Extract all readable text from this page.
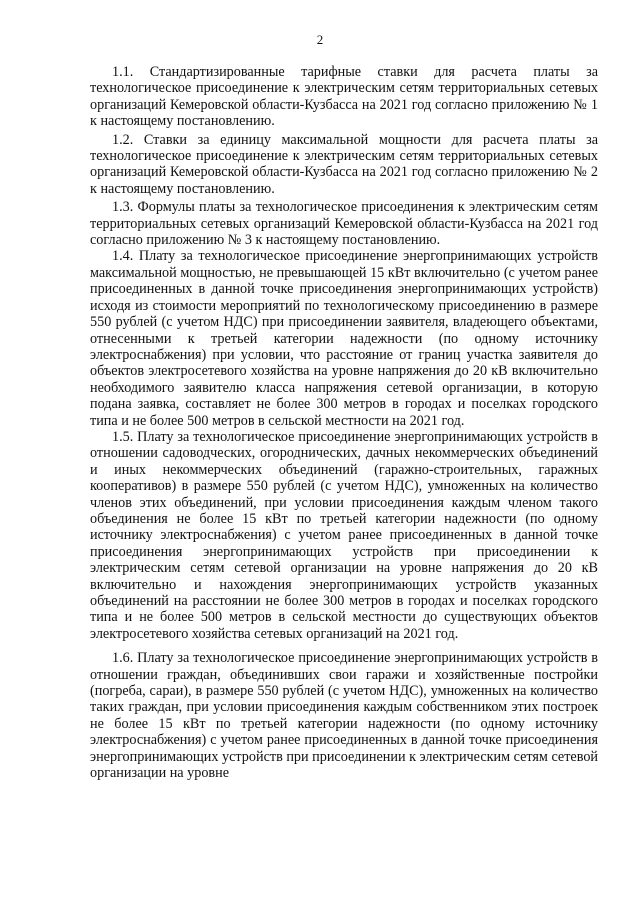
2

1.1. Стандартизированные тарифные ставки для расчета платы за технологическое присоединение к электрическим сетям территориальных сетевых организаций Кемеровской области-Кузбасса на 2021 год согласно приложению № 1 к настоящему постановлению.

1.2. Ставки за единицу максимальной мощности для расчета платы за технологическое присоединение к электрическим сетям территориальных сетевых организаций Кемеровской области-Кузбасса на 2021 год согласно приложению № 2 к настоящему постановлению.

1.3. Формулы платы за технологическое присоединения к электрическим сетям территориальных сетевых организаций Кемеровской области-Кузбасса на 2021 год согласно приложению № 3 к настоящему постановлению.

1.4. Плату за технологическое присоединение энергопринимающих устройств максимальной мощностью, не превышающей 15 кВт включительно (с учетом ранее присоединенных в данной точке присоединения энергопринимающих устройств) исходя из стоимости мероприятий по технологическому присоединению в размере 550 рублей (с учетом НДС) при присоединении заявителя, владеющего объектами, отнесенными к третьей категории надежности (по одному источнику электроснабжения) при условии, что расстояние от границ участка заявителя до объектов электросетевого хозяйства на уровне напряжения до 20 кВ включительно необходимого заявителю класса напряжения сетевой организации, в которую подана заявка, составляет не более 300 метров в городах и поселках городского типа и не более 500 метров в сельской местности на 2021 год.

1.5. Плату за технологическое присоединение энергопринимающих устройств в отношении садоводческих, огороднических, дачных некоммерческих объединений и иных некоммерческих объединений (гаражно-строительных, гаражных кооперативов) в размере 550 рублей (с учетом НДС), умноженных на количество членов этих объединений, при условии присоединения каждым членом такого объединения не более 15 кВт по третьей категории надежности (по одному источнику электроснабжения) с учетом ранее присоединенных в данной точке присоединения энергопринимающих устройств при присоединении к электрическим сетям сетевой организации на уровне напряжения до 20 кВ включительно и нахождения энергопринимающих устройств указанных объединений на расстоянии не более 300 метров в городах и поселках городского типа и не более 500 метров в сельской местности до существующих объектов электросетевого хозяйства сетевых организаций на 2021 год.

1.6. Плату за технологическое присоединение энергопринимающих устройств в отношении граждан, объединивших свои гаражи и хозяйственные постройки (погреба, сараи), в размере 550 рублей (с учетом НДС), умноженных на количество таких граждан, при условии присоединения каждым собственником этих построек не более 15 кВт по третьей категории надежности (по одному источнику электроснабжения) с учетом ранее присоединенных в данной точке присоединения энергопринимающих устройств при присоединении к электрическим сетям сетевой организации на уровне
